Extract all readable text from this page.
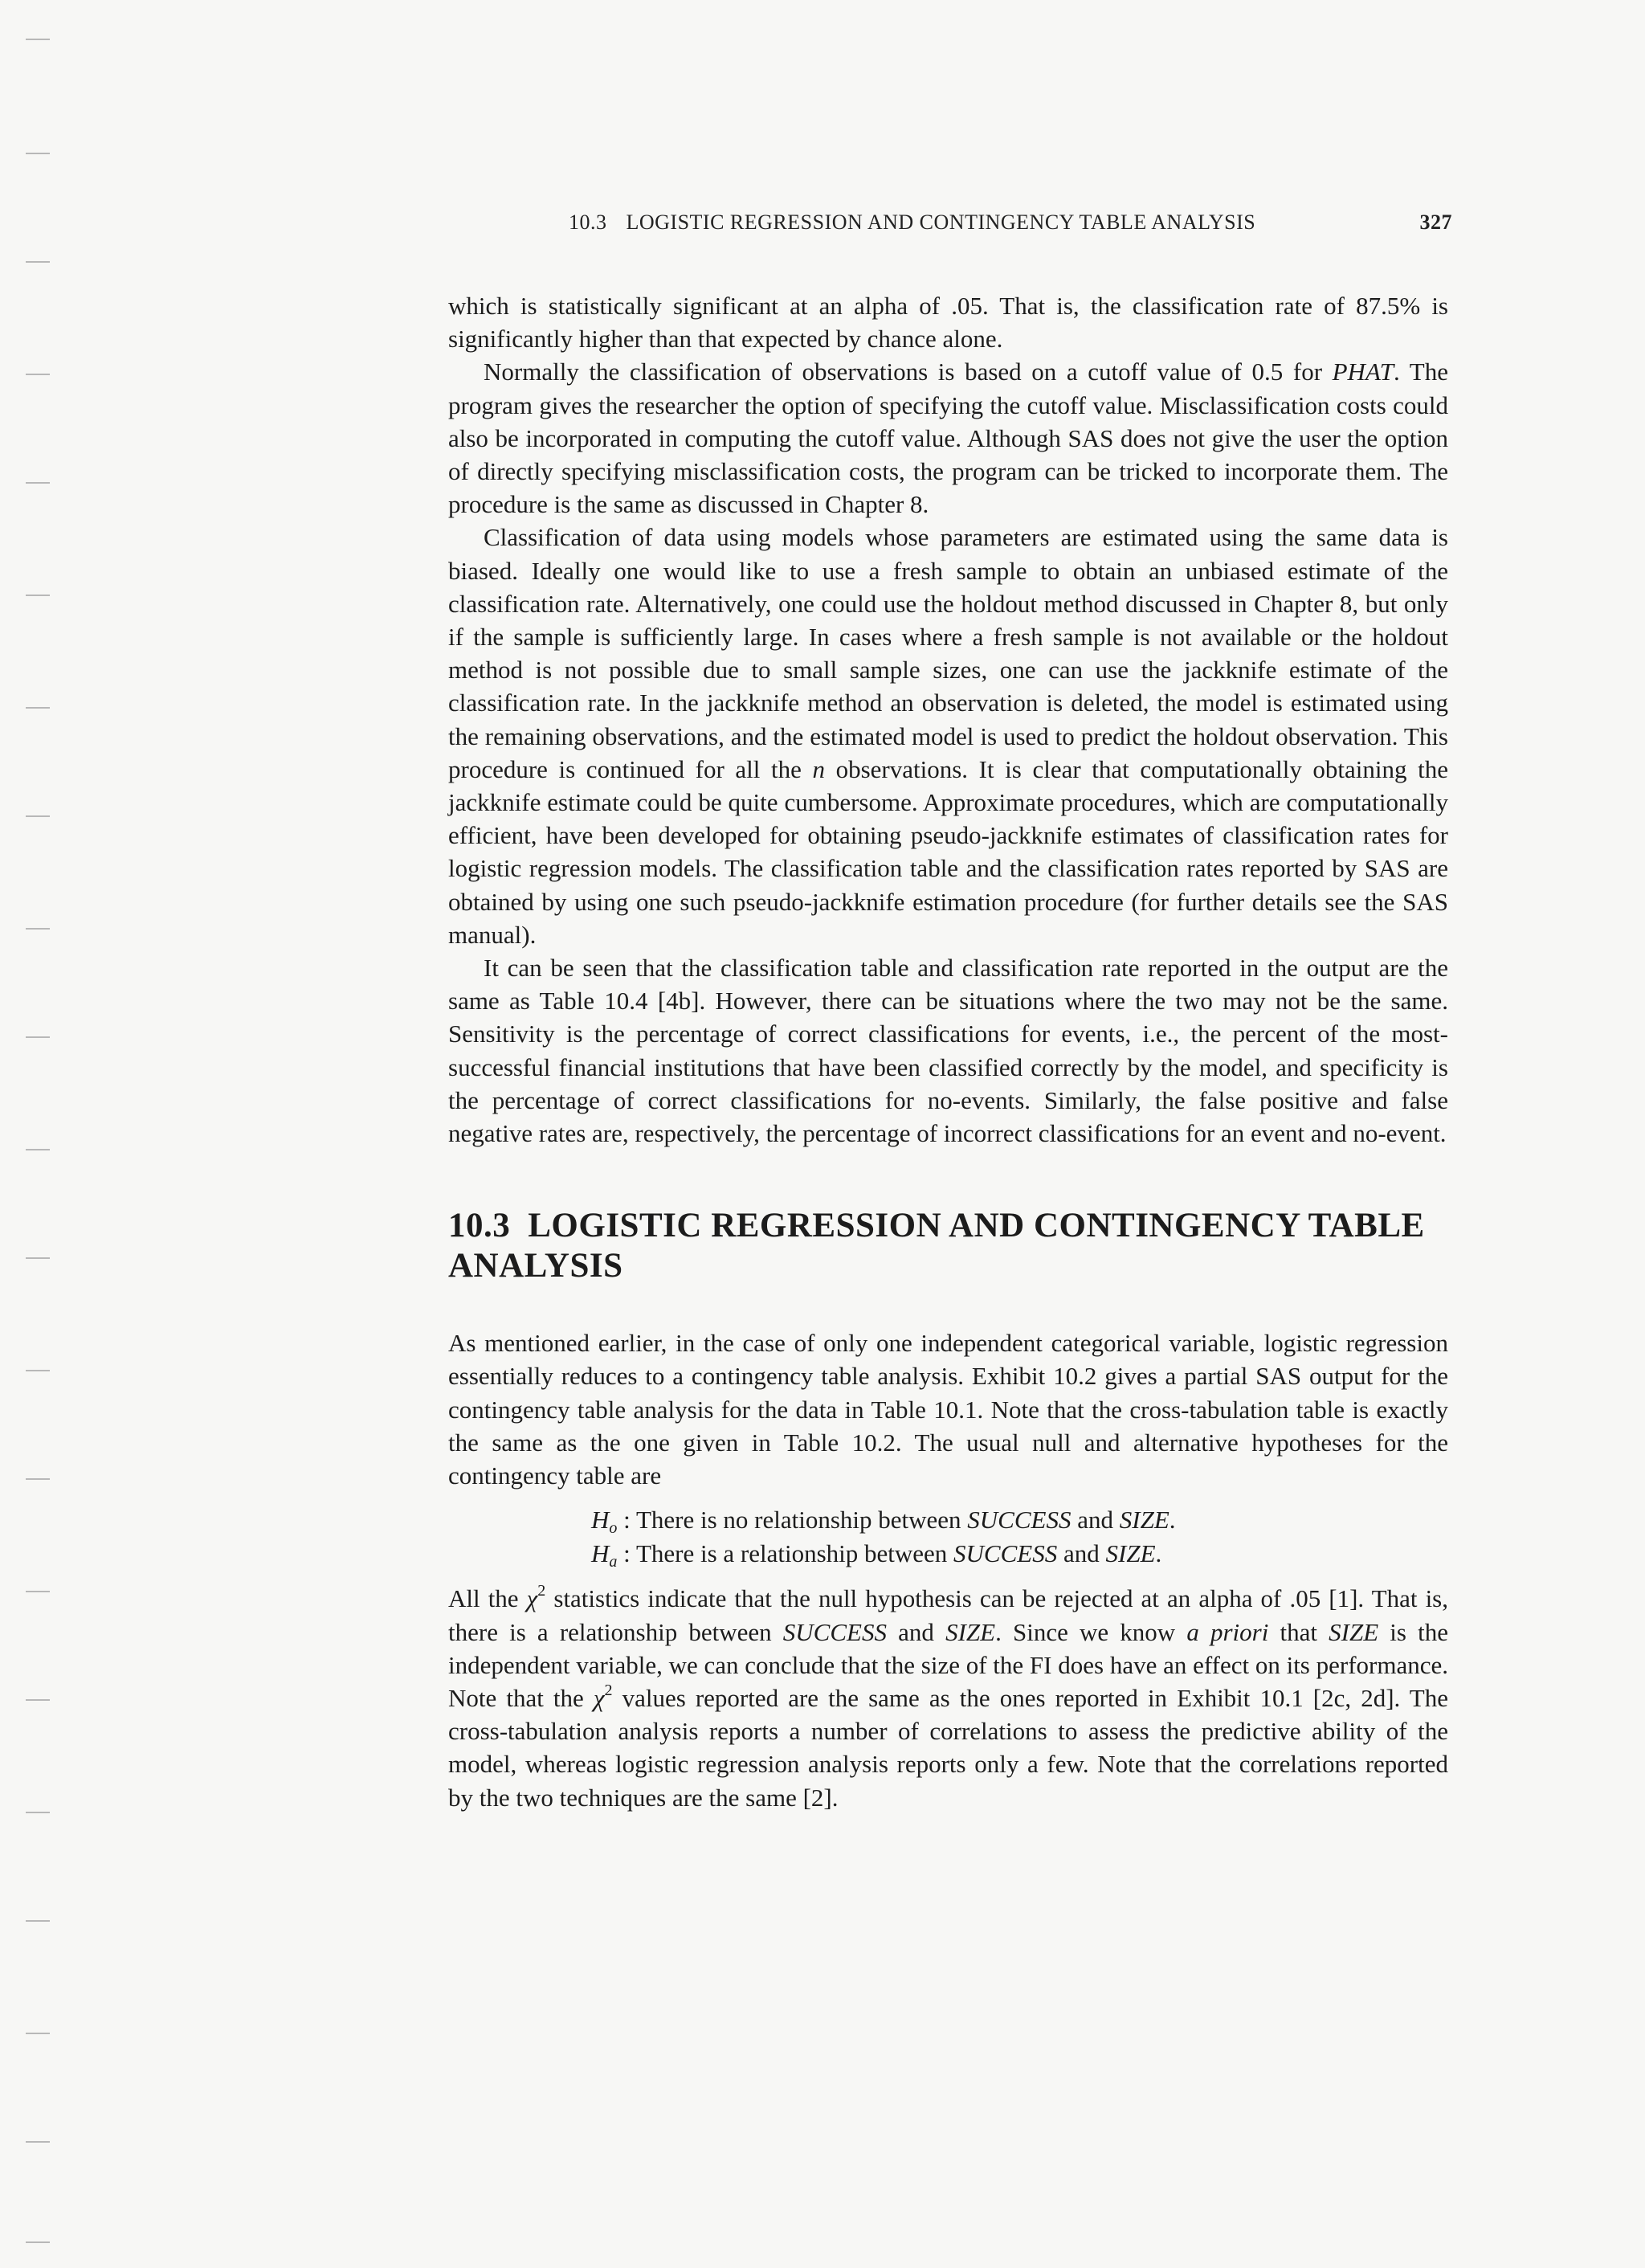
10.3 LOGISTIC REGRESSION AND CONTINGENCY TABLE ANALYSIS	327

which is statistically significant at an alpha of .05. That is, the classification rate of 87.5% is significantly higher than that expected by chance alone.

Normally the classification of observations is based on a cutoff value of 0.5 for PHAT. The program gives the researcher the option of specifying the cutoff value. Misclassification costs could also be incorporated in computing the cutoff value. Although SAS does not give the user the option of directly specifying misclassification costs, the program can be tricked to incorporate them. The procedure is the same as discussed in Chapter 8.

Classification of data using models whose parameters are estimated using the same data is biased. Ideally one would like to use a fresh sample to obtain an unbiased estimate of the classification rate. Alternatively, one could use the holdout method discussed in Chapter 8, but only if the sample is sufficiently large. In cases where a fresh sample is not available or the holdout method is not possible due to small sample sizes, one can use the jackknife estimate of the classification rate. In the jackknife method an observation is deleted, the model is estimated using the remaining observations, and the estimated model is used to predict the holdout observation. This procedure is continued for all the n observations. It is clear that computationally obtaining the jackknife estimate could be quite cumbersome. Approximate procedures, which are computationally efficient, have been developed for obtaining pseudo-jackknife estimates of classification rates for logistic regression models. The classification table and the classification rates reported by SAS are obtained by using one such pseudo-jackknife estimation procedure (for further details see the SAS manual).

It can be seen that the classification table and classification rate reported in the output are the same as Table 10.4 [4b]. However, there can be situations where the two may not be the same. Sensitivity is the percentage of correct classifications for events, i.e., the percent of the most-successful financial institutions that have been classified correctly by the model, and specificity is the percentage of correct classifications for no-events. Similarly, the false positive and false negative rates are, respectively, the percentage of incorrect classifications for an event and no-event.

10.3 LOGISTIC REGRESSION AND CONTINGENCY TABLE ANALYSIS

As mentioned earlier, in the case of only one independent categorical variable, logistic regression essentially reduces to a contingency table analysis. Exhibit 10.2 gives a partial SAS output for the contingency table analysis for the data in Table 10.1. Note that the cross-tabulation table is exactly the same as the one given in Table 10.2. The usual null and alternative hypotheses for the contingency table are

$H_o$ : There is no relationship between SUCCESS and SIZE.
$H_a$ : There is a relationship between SUCCESS and SIZE.

All the $\chi^2$ statistics indicate that the null hypothesis can be rejected at an alpha of .05 [1]. That is, there is a relationship between SUCCESS and SIZE. Since we know a priori that SIZE is the independent variable, we can conclude that the size of the FI does have an effect on its performance. Note that the $\chi^2$ values reported are the same as the ones reported in Exhibit 10.1 [2c, 2d]. The cross-tabulation analysis reports a number of correlations to assess the predictive ability of the model, whereas logistic regression analysis reports only a few. Note that the correlations reported by the two techniques are the same [2].
